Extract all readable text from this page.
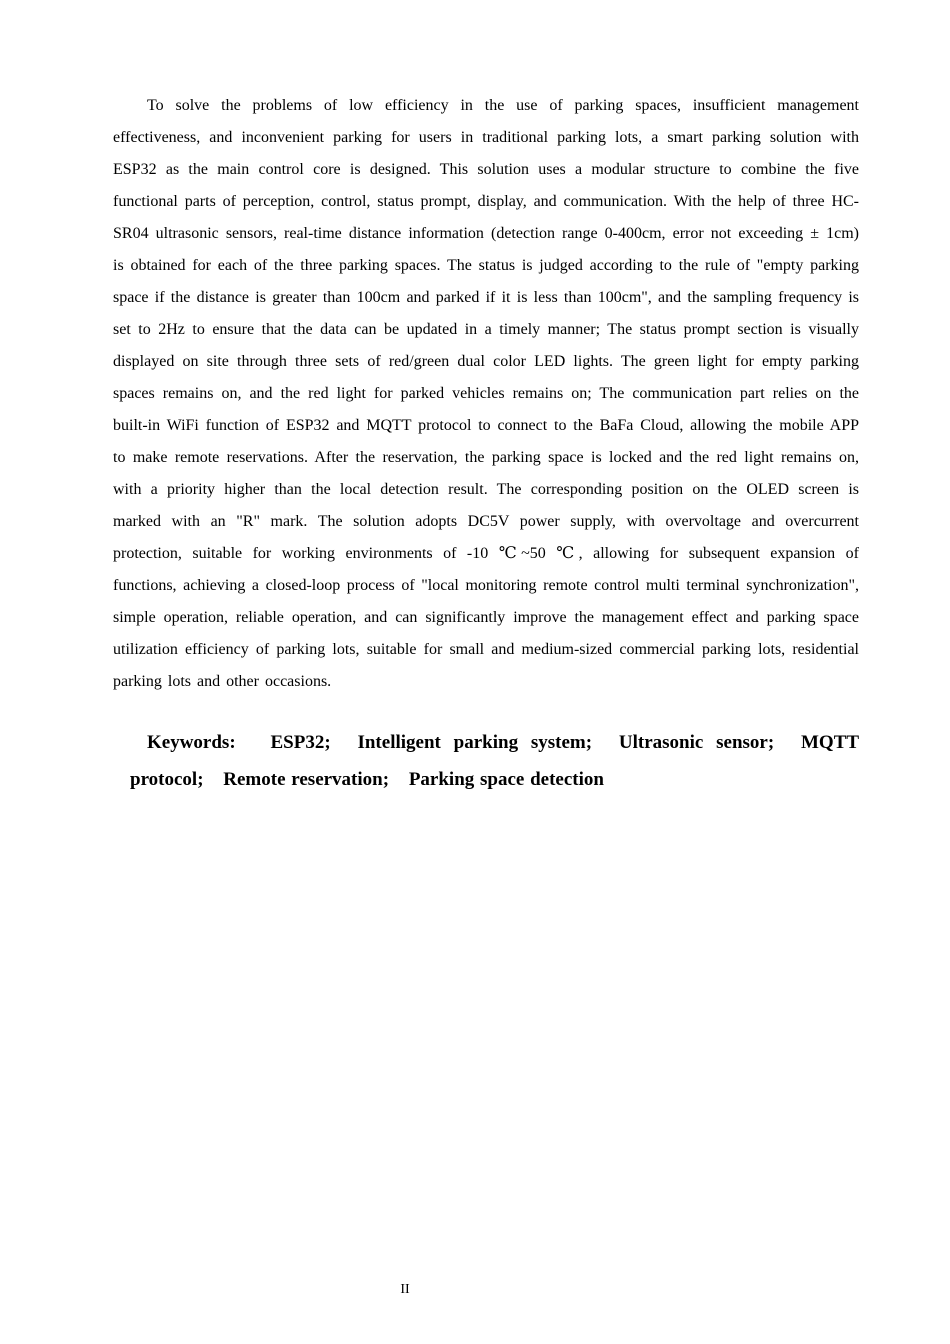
To solve the problems of low efficiency in the use of parking spaces, insufficient management effectiveness, and inconvenient parking for users in traditional parking lots, a smart parking solution with ESP32 as the main control core is designed. This solution uses a modular structure to combine the five functional parts of perception, control, status prompt, display, and communication. With the help of three HC-SR04 ultrasonic sensors, real-time distance information (detection range 0-400cm, error not exceeding ± 1cm) is obtained for each of the three parking spaces. The status is judged according to the rule of "empty parking space if the distance is greater than 100cm and parked if it is less than 100cm", and the sampling frequency is set to 2Hz to ensure that the data can be updated in a timely manner; The status prompt section is visually displayed on site through three sets of red/green dual color LED lights. The green light for empty parking spaces remains on, and the red light for parked vehicles remains on; The communication part relies on the built-in WiFi function of ESP32 and MQTT protocol to connect to the BaFa Cloud, allowing the mobile APP to make remote reservations. After the reservation, the parking space is locked and the red light remains on, with a priority higher than the local detection result. The corresponding position on the OLED screen is marked with an "R" mark. The solution adopts DC5V power supply, with overvoltage and overcurrent protection, suitable for working environments of -10 ℃~50 ℃, allowing for subsequent expansion of functions, achieving a closed-loop process of "local monitoring remote control multi terminal synchronization", simple operation, reliable operation, and can significantly improve the management effect and parking space utilization efficiency of parking lots, suitable for small and medium-sized commercial parking lots, residential parking lots and other occasions.

Keywords: ESP32; Intelligent parking system; Ultrasonic sensor; MQTT protocol; Remote reservation; Parking space detection

II
